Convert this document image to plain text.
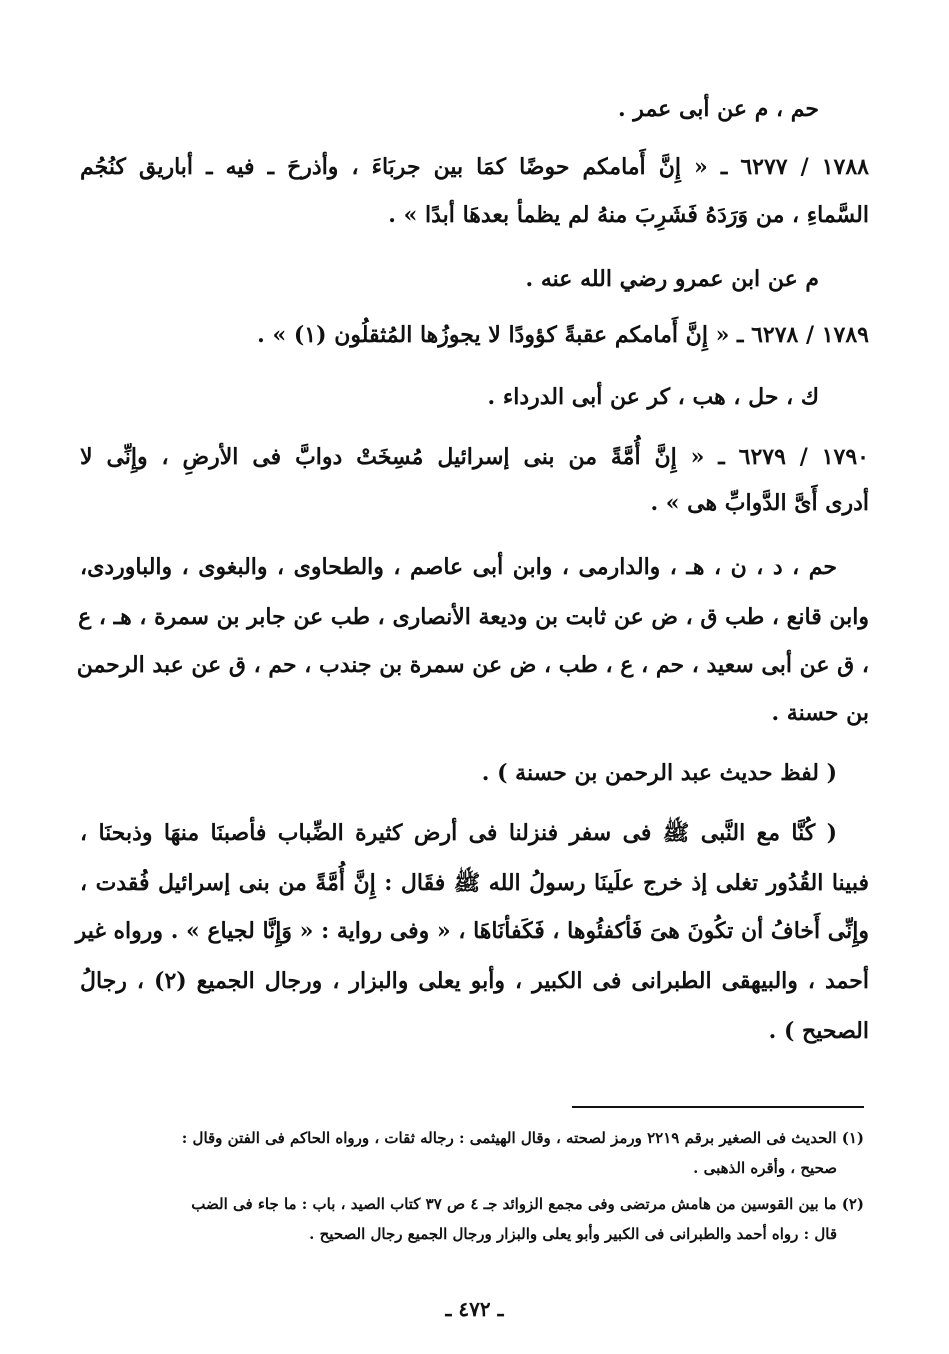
حم ، م عن أبى عمر .
١٧٨٨ / ٦٢٧٧ ـ « إِنَّ أَمامكم حوضًا كمَا بين جربَاءَ ، وأذرحَ ـ فيه ـ أباريق كنُجُم
السَّماءِ ، من وَرَدَهُ فَشَرِبَ منهُ لم يظمأ بعدهَا أبدًا » .
م عن ابن عمرو رضي الله عنه .
١٧٨٩ / ٦٢٧٨ ـ « إِنَّ أَمامكم عقبةً كؤودًا لا يجوزُها المُثقلُون (١) » .
ك ، حل ، هب ، كر عن أبى الدرداء .
١٧٩٠ / ٦٢٧٩ ـ « إِنَّ أُمَّةً من بنى إسرائيل مُسِخَتْ دوابَّ فى الأرضِ ، وإِنِّى لا
أدرى أَىَّ الدَّوابِّ هى » .
حم ، د ، ن ، هـ ، والدارمى ، وابن أبى عاصم ، والطحاوى ، والبغوى ، والباوردى،
وابن قانع ، طب ق ، ض عن ثابت بن وديعة الأنصارى ، طب عن جابر بن سمرة ، هـ ، ع
، ق عن أبى سعيد ، حم ، ع ، طب ، ض عن سمرة بن جندب ، حم ، ق عن عبد الرحمن
بن حسنة .
( لفظ حديث عبد الرحمن بن حسنة ) .
( كُنَّا مع النَّبى ﷺ فى سفر فنزلنا فى أرض كثيرة الضِّباب فأصبنَا منهَا وذبحنَا ،
فبينا القُدُور تغلى إذ خرج علَينَا رسولُ الله ﷺ فقَال : إِنَّ أُمَّةً من بنى إسرائيل فُقدت ،
وإِنِّى أَخافُ أن تكُونَ هىَ فَأكفئُوها ، فَكَفأنَاهَا ، « وفى رواية : « وَإِنَّا لجياع » . ورواه غير
أحمد ، والبيهقى الطبرانى فى الكبير ، وأبو يعلى والبزار ، ورجال الجميع (٢) ، رجالُ
الصحيح ) .
(١) الحديث فى الصغير برقم ٢٢١٩ ورمز لصحته ، وقال الهيثمى : رجاله ثقات ، ورواه الحاكم فى الفتن وقال :
صحيح ، وأقره الذهبى .
(٢) ما بين القوسين من هامش مرتضى وفى مجمع الزوائد جـ ٤ ص ٣٧ كتاب الصيد ، باب : ما جاء فى الضب
قال : رواه أحمد والطبرانى فى الكبير وأبو يعلى والبزار ورجال الجميع رجال الصحيح .
ـ ٤٧٢ ـ
